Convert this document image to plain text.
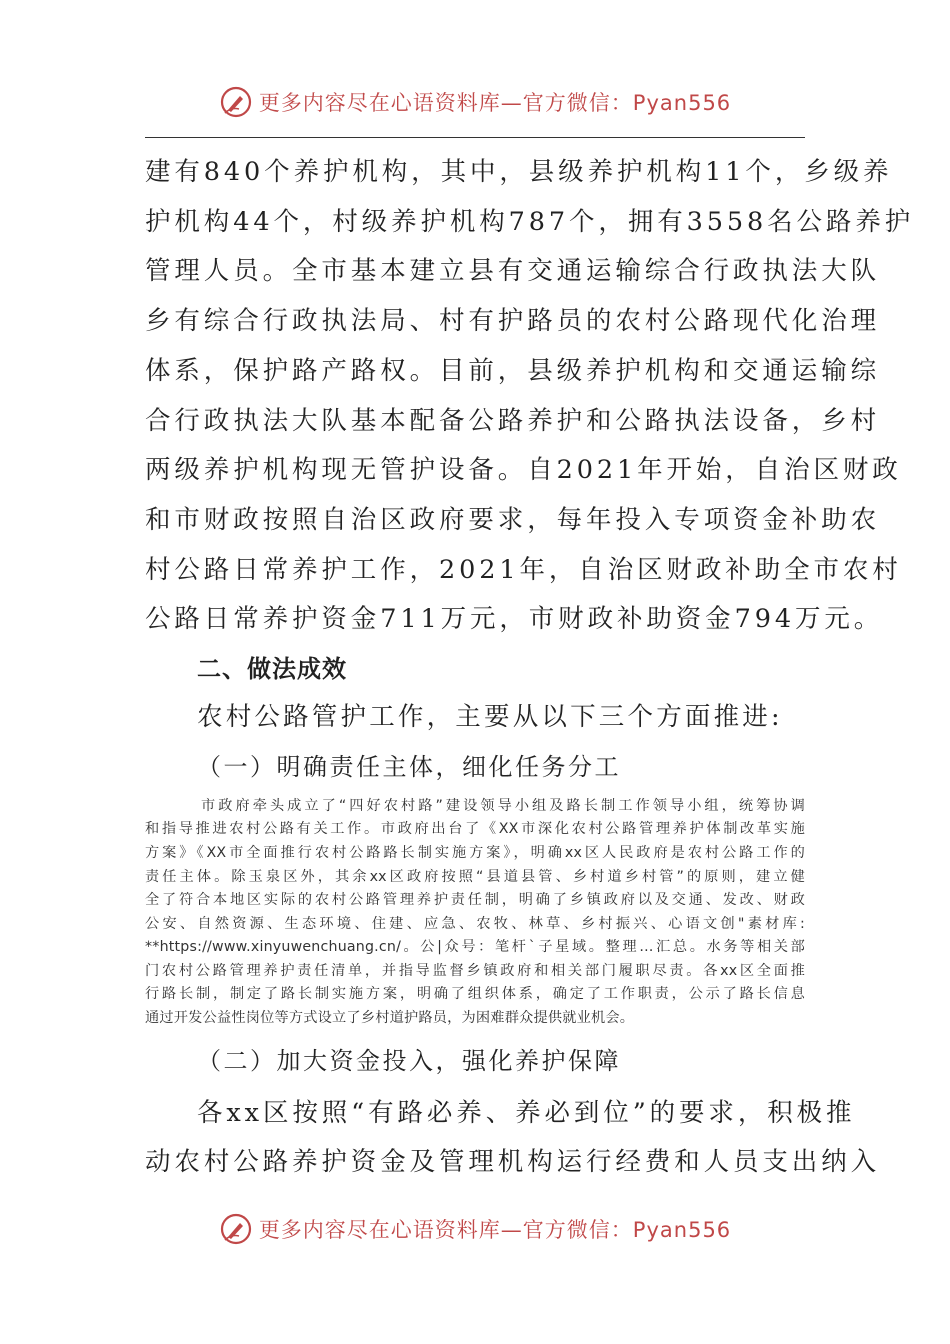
更多内容尽在心语资料库—官方微信：Pyan556

建有840个养护机构，其中，县级养护机构11个，乡级养

护机构44个，村级养护机构787个，拥有3558名公路养护

管理人员。全市基本建立县有交通运输综合行政执法大队

乡有综合行政执法局、村有护路员的农村公路现代化治理

体系，保护路产路权。目前，县级养护机构和交通运输综

合行政执法大队基本配备公路养护和公路执法设备，乡村

两级养护机构现无管护设备。自2021年开始，自治区财政

和市财政按照自治区政府要求，每年投入专项资金补助农

村公路日常养护工作，2021年，自治区财政补助全市农村

公路日常养护资金711万元，市财政补助资金794万元。

二、做法成效

农村公路管护工作，主要从以下三个方面推进:

（一）明确责任主体，细化任务分工

市政府牵头成立了“四好农村路”建设领导小组及路长制工作领导小组，统筹协调
和指导推进农村公路有关工作。市政府出台了《XX市深化农村公路管理养护体制改革实施
方案》《XX市全面推行农村公路路长制实施方案》，明确xx区人民政府是农村公路工作的
责任主体。除玉泉区外，其余xx区政府按照“县道县管、乡村道乡村管”的原则，建立健
全了符合本地区实际的农村公路管理养护责任制，明确了乡镇政府以及交通、发改、财政
公安、自然资源、生态环境、住建、应急、农牧、林草、乡村振兴、心语文创"素材库:
**https://www.xinyuwenchuang.cn/。公|众号：笔杆`子星域。整理…汇总。水务等相关部
门农村公路管理养护责任清单，并指导监督乡镇政府和相关部门履职尽责。各xx区全面推
行路长制，制定了路长制实施方案，明确了组织体系，确定了工作职责，公示了路长信息
通过开发公益性岗位等方式设立了乡村道护路员，为困难群众提供就业机会。

（二）加大资金投入，强化养护保障

各xx区按照“有路必养、养必到位”的要求，积极推

动农村公路养护资金及管理机构运行经费和人员支出纳入

更多内容尽在心语资料库—官方微信：Pyan556
